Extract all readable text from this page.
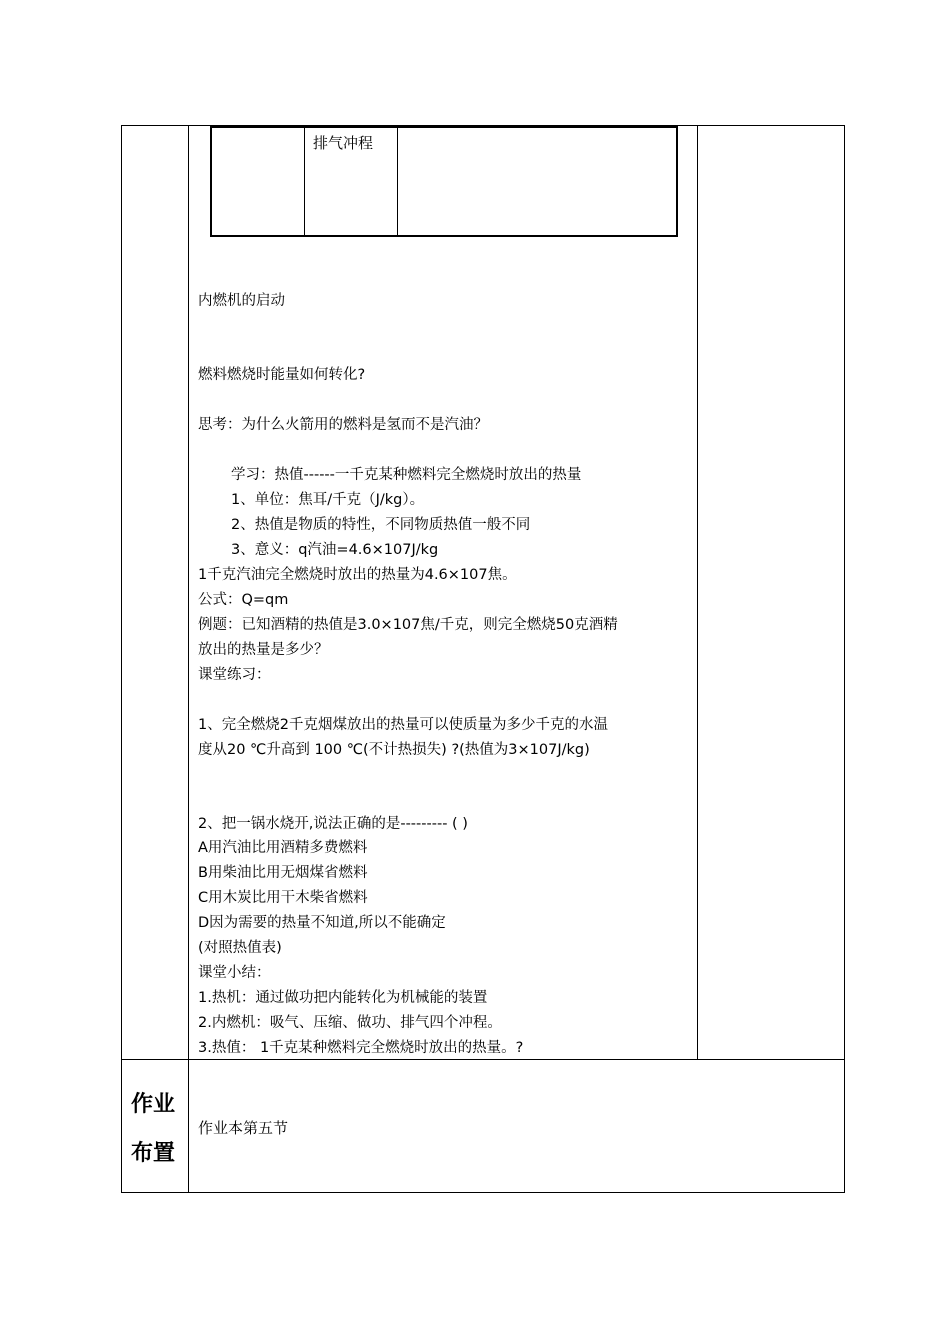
排气冲程
内燃机的启动
燃料燃烧时能量如何转化?
思考：为什么火箭用的燃料是氢而不是汽油？
学习：热值------一千克某种燃料完全燃烧时放出的热量
1、单位：焦耳/千克（J/kg）。
2、热值是物质的特性，不同物质热值一般不同
3、意义：q汽油=4.6×107J/kg
1千克汽油完全燃烧时放出的热量为4.6×107焦。
公式：Q=qm
例题：已知酒精的热值是3.0×107焦/千克，则完全燃烧50克酒精
放出的热量是多少？
课堂练习：
1、完全燃烧2千克烟煤放出的热量可以使质量为多少千克的水温
度从20 ℃升高到 100 ℃(不计热损失) ?(热值为3×107J/kg)
2、把一锅水烧开,说法正确的是--------- ( )
A用汽油比用酒精多费燃料
B用柴油比用无烟煤省燃料
C用木炭比用干木柴省燃料
D因为需要的热量不知道,所以不能确定
(对照热值表)
课堂小结：
1.热机：通过做功把内能转化为机械能的装置
2.内燃机：吸气、压缩、做功、排气四个冲程。
3.热值： 1千克某种燃料完全燃烧时放出的热量。?
作业
布置
作业本第五节
